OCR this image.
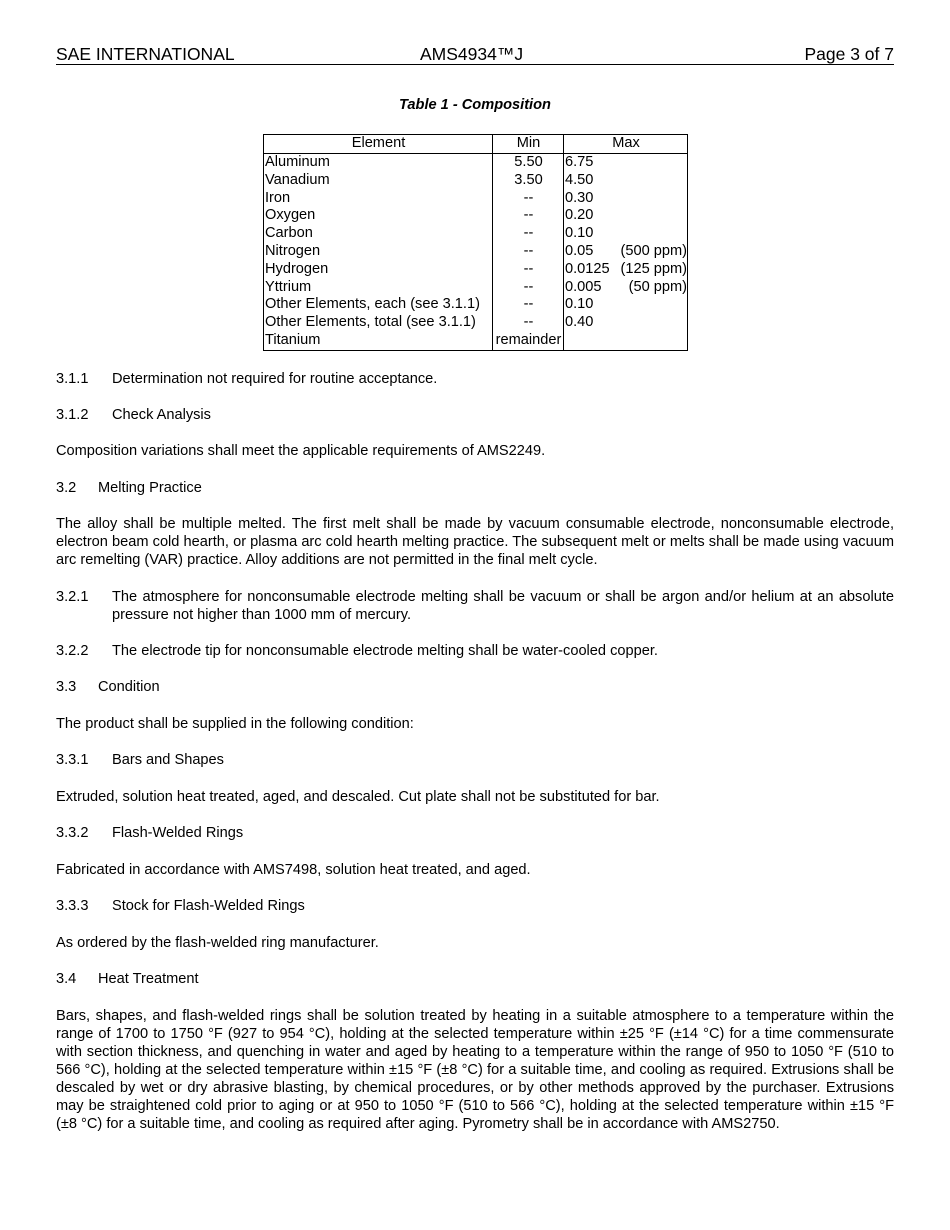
SAE INTERNATIONAL	AMS4934™J	Page 3 of 7
Table 1 - Composition
Element	Min	Max
Aluminum	5.50	6.75

Vanadium	3.50	4.50

Iron	--	0.30

Oxygen	--	0.20

Carbon	--	0.10

Nitrogen	--	0.05 (500 ppm)

Hydrogen	--	0.0125 (125 ppm)

Yttrium	--	0.005 (50 ppm)

Other Elements, each (see 3.1.1)	--	0.10

Other Elements, total (see 3.1.1)	--	0.40

Titanium	remainder	
3.1.1 Determination not required for routine acceptance.
3.1.2 Check Analysis
Composition variations shall meet the applicable requirements of AMS2249.
3.2 Melting Practice
The alloy shall be multiple melted. The first melt shall be made by vacuum consumable electrode, nonconsumable electrode, electron beam cold hearth, or plasma arc cold hearth melting practice. The subsequent melt or melts shall be made using vacuum arc remelting (VAR) practice. Alloy additions are not permitted in the final melt cycle.
3.2.1 The atmosphere for nonconsumable electrode melting shall be vacuum or shall be argon and/or helium at an absolute pressure not higher than 1000 mm of mercury.
3.2.2 The electrode tip for nonconsumable electrode melting shall be water-cooled copper.
3.3 Condition
The product shall be supplied in the following condition:
3.3.1 Bars and Shapes
Extruded, solution heat treated, aged, and descaled. Cut plate shall not be substituted for bar.
3.3.2 Flash-Welded Rings
Fabricated in accordance with AMS7498, solution heat treated, and aged.
3.3.3 Stock for Flash-Welded Rings
As ordered by the flash-welded ring manufacturer.
3.4 Heat Treatment
Bars, shapes, and flash-welded rings shall be solution treated by heating in a suitable atmosphere to a temperature within the range of 1700 to 1750 °F (927 to 954 °C), holding at the selected temperature within ±25 °F (±14 °C) for a time commensurate with section thickness, and quenching in water and aged by heating to a temperature within the range of 950 to 1050 °F (510 to 566 °C), holding at the selected temperature within ±15 °F (±8 °C) for a suitable time, and cooling as required. Extrusions shall be descaled by wet or dry abrasive blasting, by chemical procedures, or by other methods approved by the purchaser. Extrusions may be straightened cold prior to aging or at 950 to 1050 °F (510 to 566 °C), holding at the selected temperature within ±15 °F (±8 °C) for a suitable time, and cooling as required after aging. Pyrometry shall be in accordance with AMS2750.
